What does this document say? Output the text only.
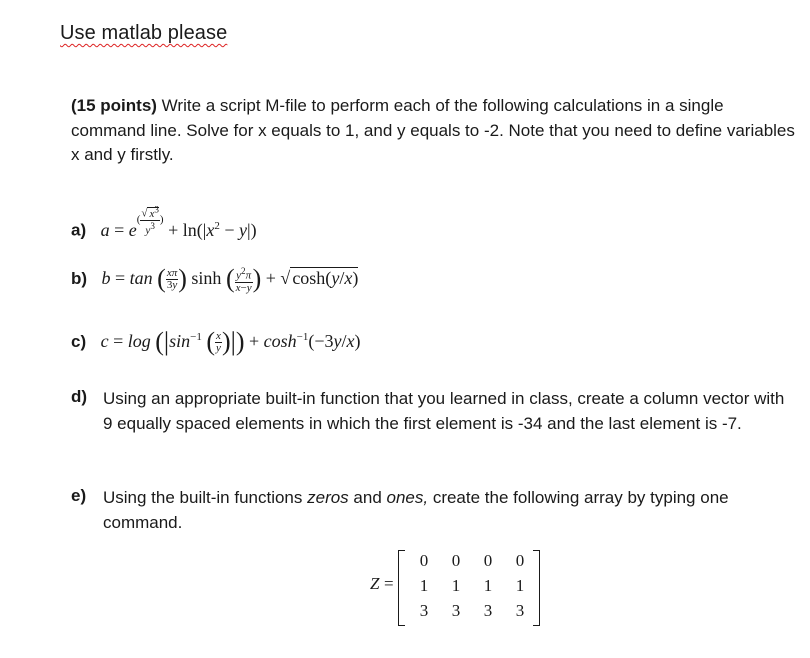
Use matlab please
(15 points) Write a script M-file to perform each of the following calculations in a single command line. Solve for x equals to 1, and y equals to -2. Note that you need to define variables x and y firstly.
a) $a = e( \frac{√ x^3}{y^3}$ ) + $\ln(|x^2 - y|)$
b) b = tan ( $\frac{x\pi}{3y}$ ) sinh ( $\frac{y^2\pi}{x-y}$ ) + √ cosh(y/x)
c) $c = \log (|\sin^{-1}$ ( $\frac{x}{y}$ )|) + $\cosh^{-1}(-3y/x)$
d) Using an appropriate built-in function that you learned in class, create a column vector with 9 equally spaced elements in which the first element is -34 and the last element is -7.
e) Using the built-in functions zeros and ones, create the following array by typing one command.
Z =
0	0	0	0
1	1	1	1
3	3	3	3
